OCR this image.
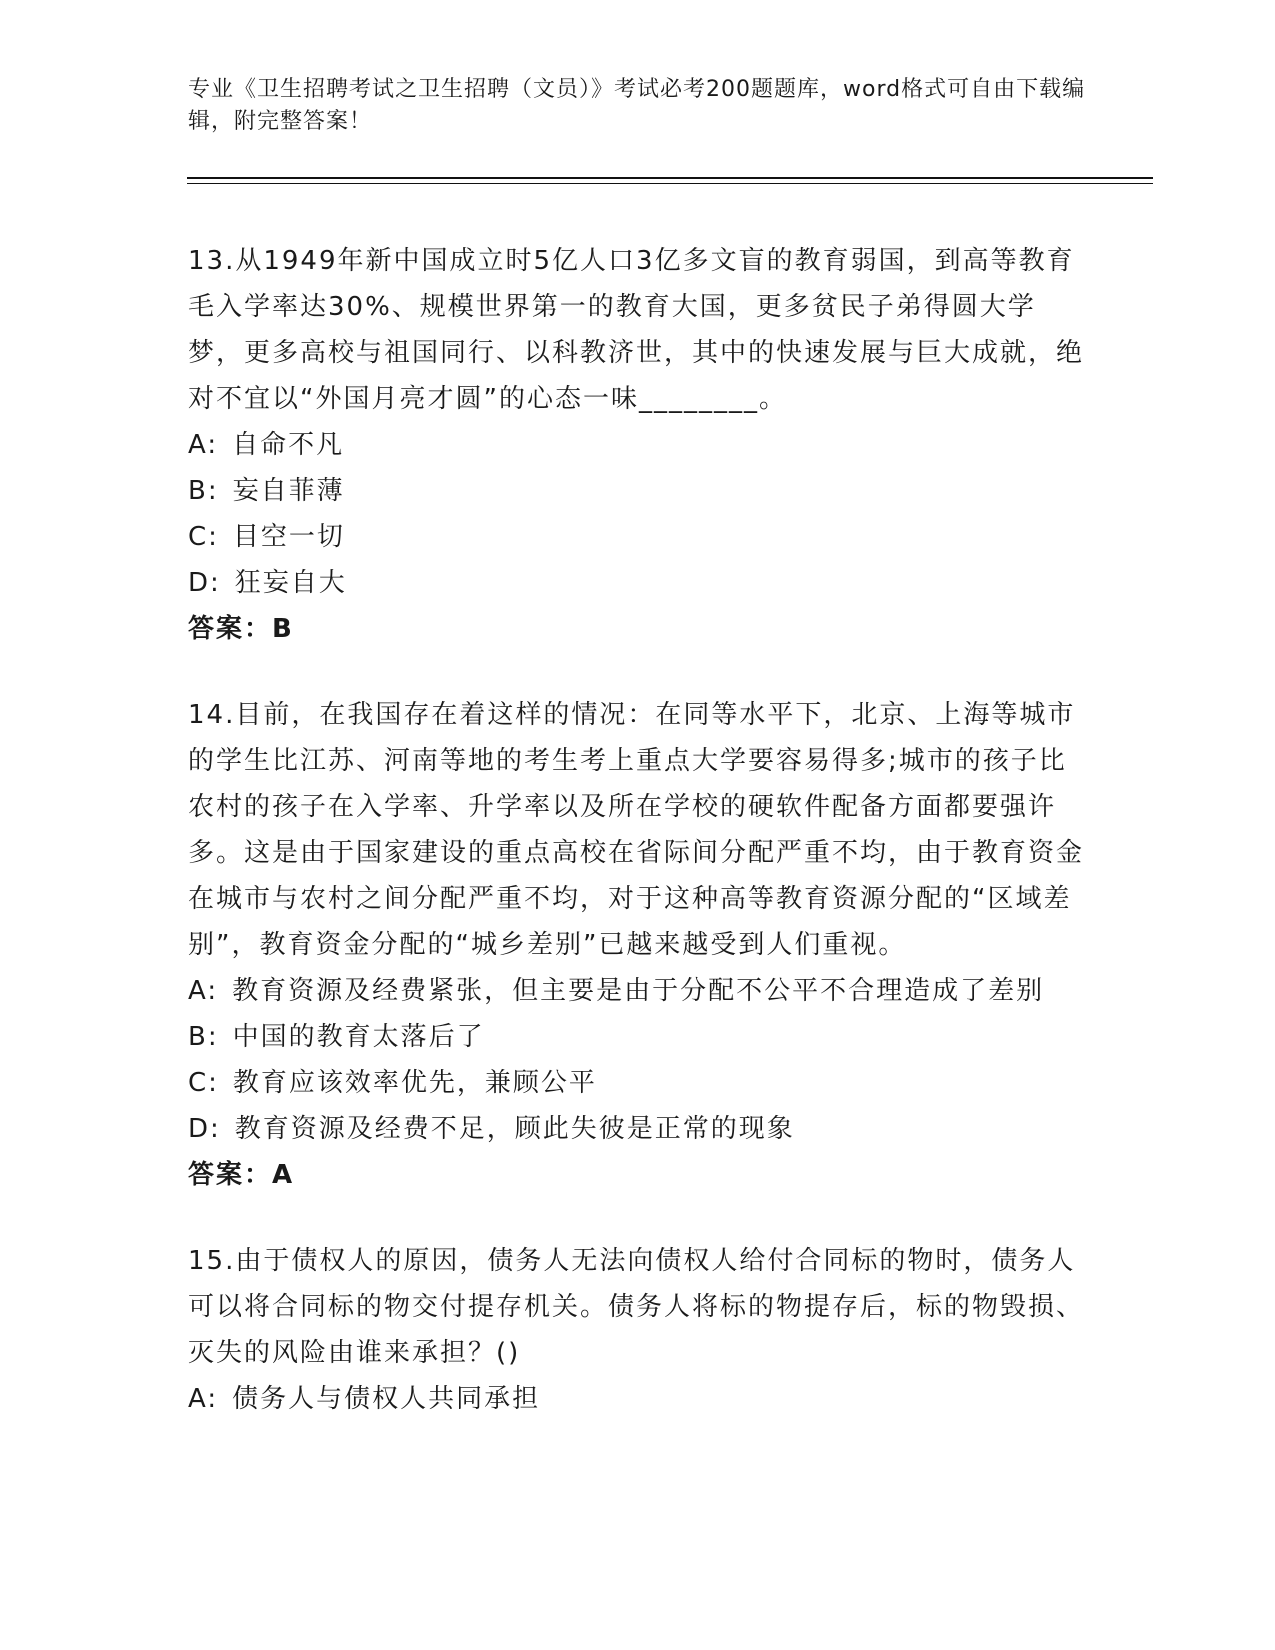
专业《卫生招聘考试之卫生招聘（文员）》考试必考200题题库，word格式可自由下载编辑，附完整答案！

13.从1949年新中国成立时5亿人口3亿多文盲的教育弱国，到高等教育毛入学率达30%、规模世界第一的教育大国，更多贫民子弟得圆大学梦，更多高校与祖国同行、以科教济世，其中的快速发展与巨大成就，绝对不宜以“外国月亮才圆”的心态一味________。

A: 自命不凡
B: 妄自菲薄
C: 目空一切
D: 狂妄自大

答案：B

14.目前，在我国存在着这样的情况：在同等水平下，北京、上海等城市的学生比江苏、河南等地的考生考上重点大学要容易得多;城市的孩子比农村的孩子在入学率、升学率以及所在学校的硬软件配备方面都要强许多。这是由于国家建设的重点高校在省际间分配严重不均，由于教育资金在城市与农村之间分配严重不均，对于这种高等教育资源分配的“区域差别”，教育资金分配的“城乡差别”已越来越受到人们重视。

A: 教育资源及经费紧张，但主要是由于分配不公平不合理造成了差别
B: 中国的教育太落后了
C: 教育应该效率优先，兼顾公平
D: 教育资源及经费不足，顾此失彼是正常的现象

答案：A

15.由于债权人的原因，债务人无法向债权人给付合同标的物时，债务人可以将合同标的物交付提存机关。债务人将标的物提存后，标的物毁损、灭失的风险由谁来承担？()

A: 债务人与债权人共同承担
